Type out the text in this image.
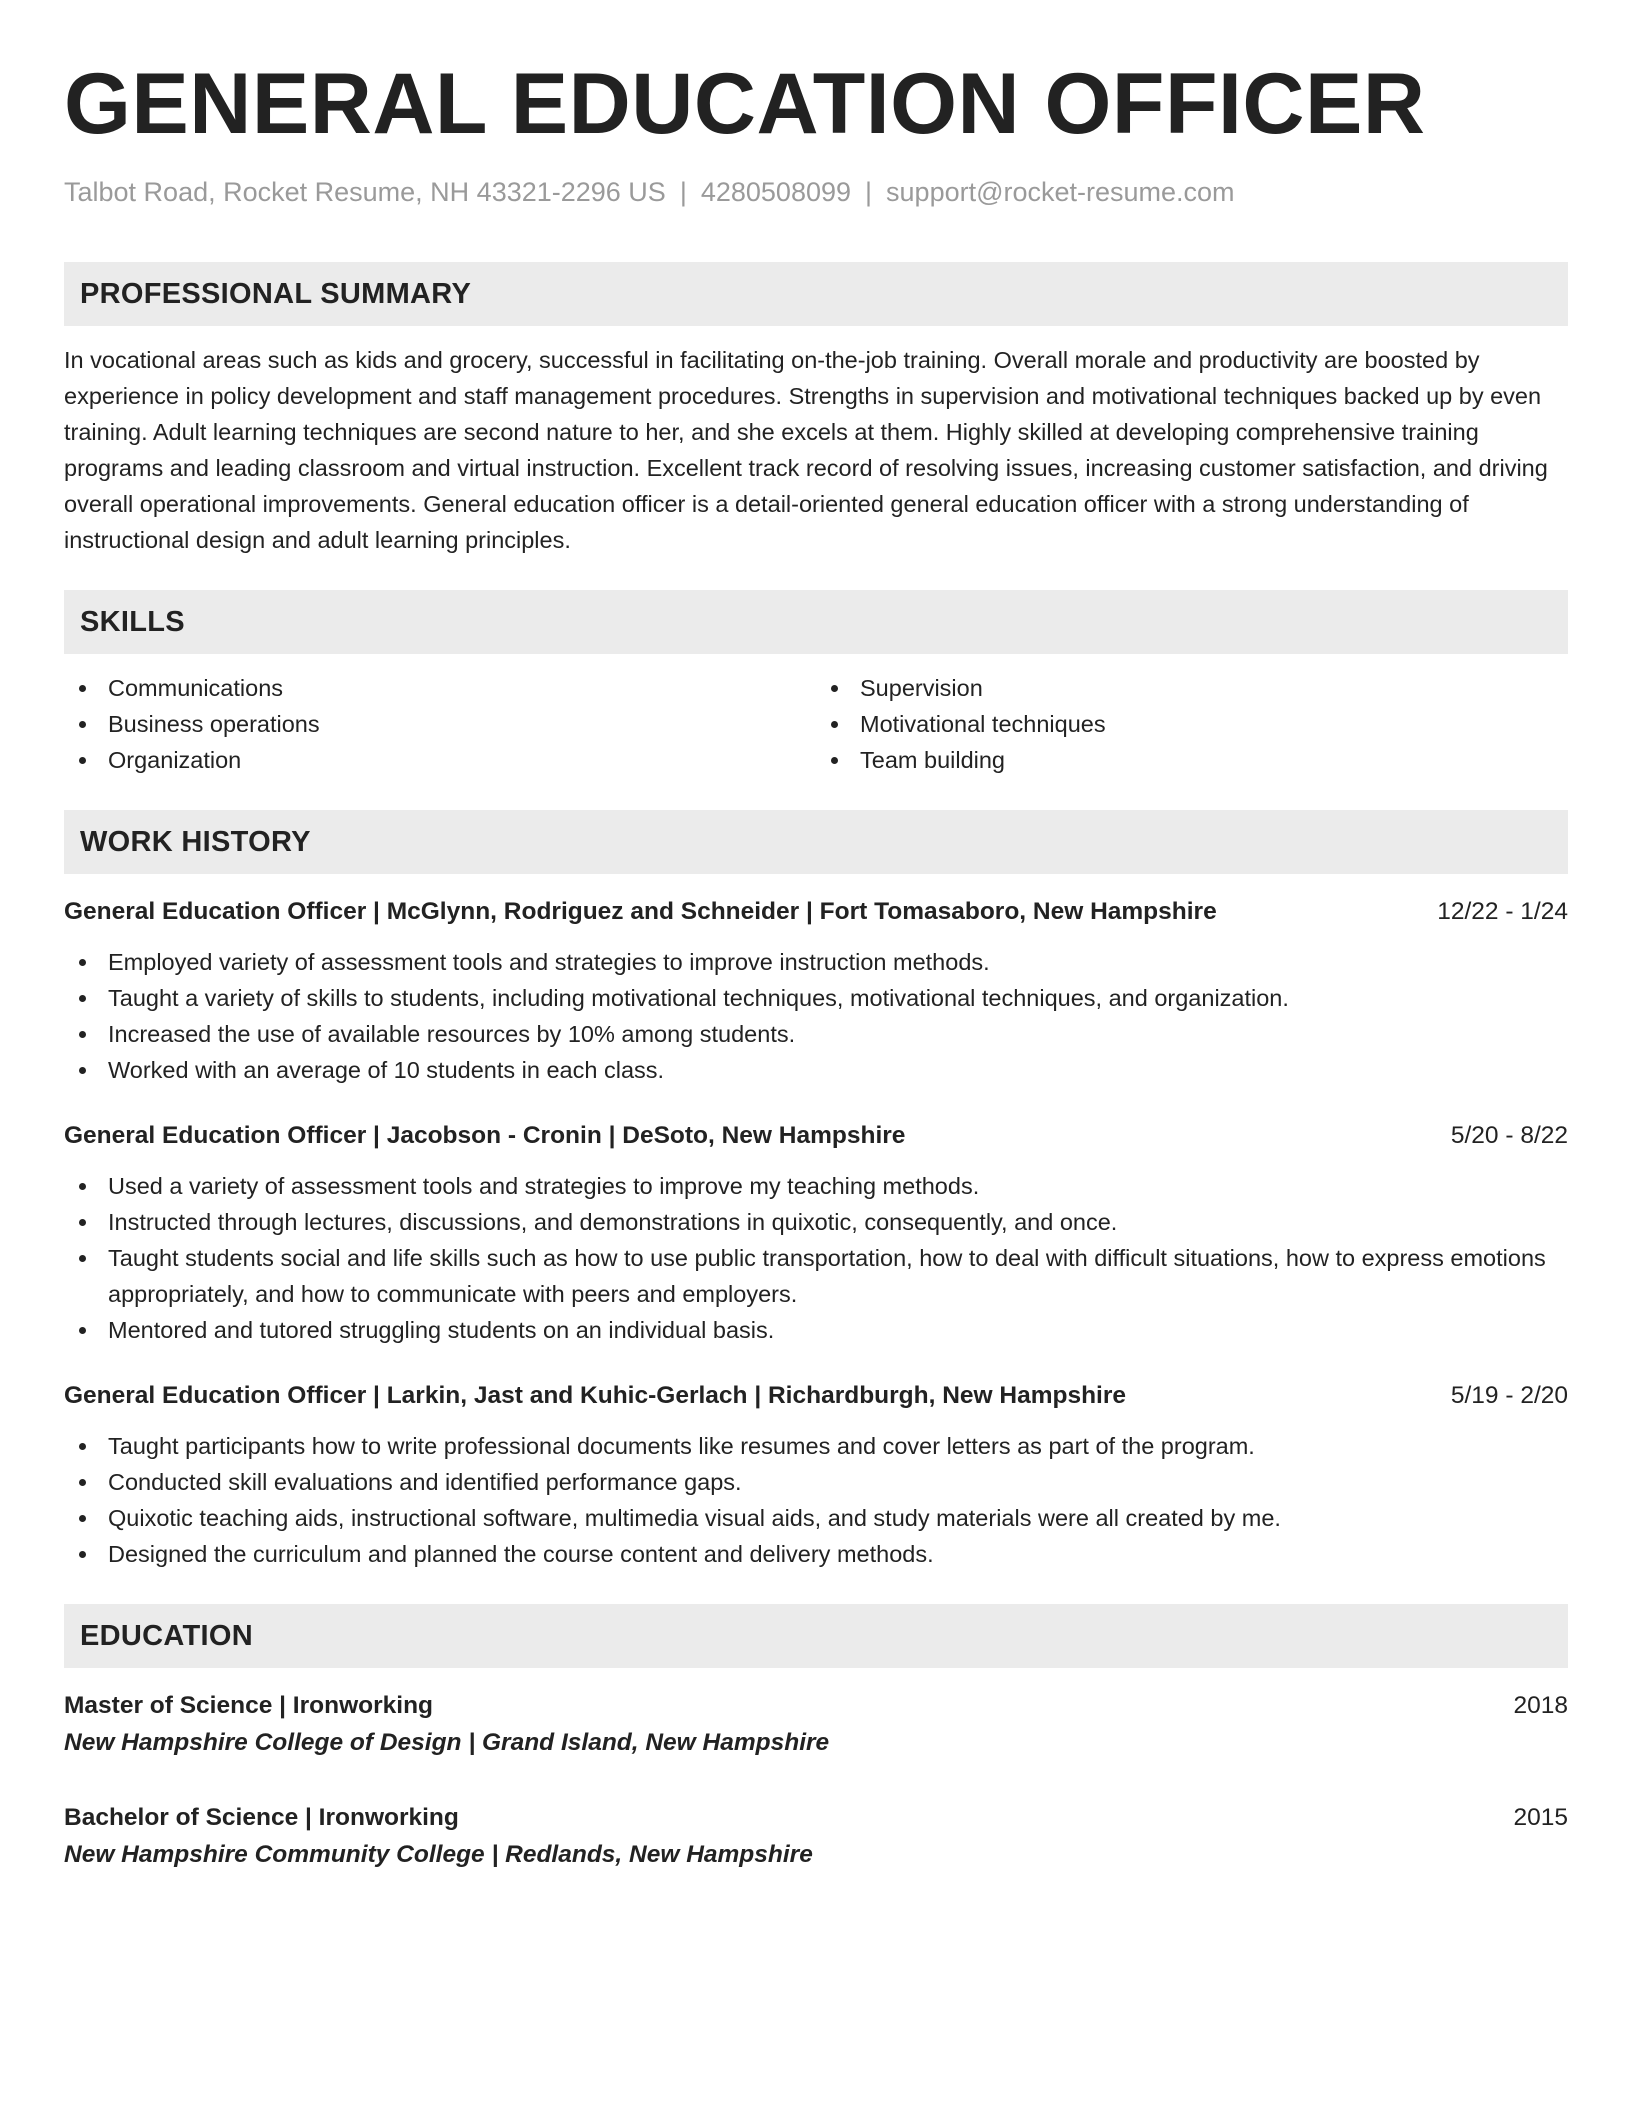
GENERAL EDUCATION OFFICER
Talbot Road, Rocket Resume, NH 43321-2296 US | 4280508099 | support@rocket-resume.com
PROFESSIONAL SUMMARY

In vocational areas such as kids and grocery, successful in facilitating on-the-job training. Overall morale and productivity are boosted by experience in policy development and staff management procedures. Strengths in supervision and motivational techniques backed up by even training. Adult learning techniques are second nature to her, and she excels at them. Highly skilled at developing comprehensive training programs and leading classroom and virtual instruction. Excellent track record of resolving issues, increasing customer satisfaction, and driving overall operational improvements. General education officer is a detail-oriented general education officer with a strong understanding of instructional design and adult learning principles.

SKILLS
Communications
Business operations
Organization
Supervision
Motivational techniques
Team building
WORK HISTORY
General Education Officer | McGlynn, Rodriguez and Schneider | Fort Tomasaboro, New Hampshire	12/22 - 1/24
Employed variety of assessment tools and strategies to improve instruction methods.
Taught a variety of skills to students, including motivational techniques, motivational techniques, and organization.
Increased the use of available resources by 10% among students.
Worked with an average of 10 students in each class.
General Education Officer | Jacobson - Cronin | DeSoto, New Hampshire	5/20 - 8/22
Used a variety of assessment tools and strategies to improve my teaching methods.
Instructed through lectures, discussions, and demonstrations in quixotic, consequently, and once.
Taught students social and life skills such as how to use public transportation, how to deal with difficult situations, how to express emotions appropriately, and how to communicate with peers and employers.
Mentored and tutored struggling students on an individual basis.
General Education Officer | Larkin, Jast and Kuhic-Gerlach | Richardburgh, New Hampshire	5/19 - 2/20
Taught participants how to write professional documents like resumes and cover letters as part of the program.
Conducted skill evaluations and identified performance gaps.
Quixotic teaching aids, instructional software, multimedia visual aids, and study materials were all created by me.
Designed the curriculum and planned the course content and delivery methods.
EDUCATION
Master of Science | Ironworking	2018
New Hampshire College of Design | Grand Island, New Hampshire
Bachelor of Science | Ironworking	2015
New Hampshire Community College | Redlands, New Hampshire
